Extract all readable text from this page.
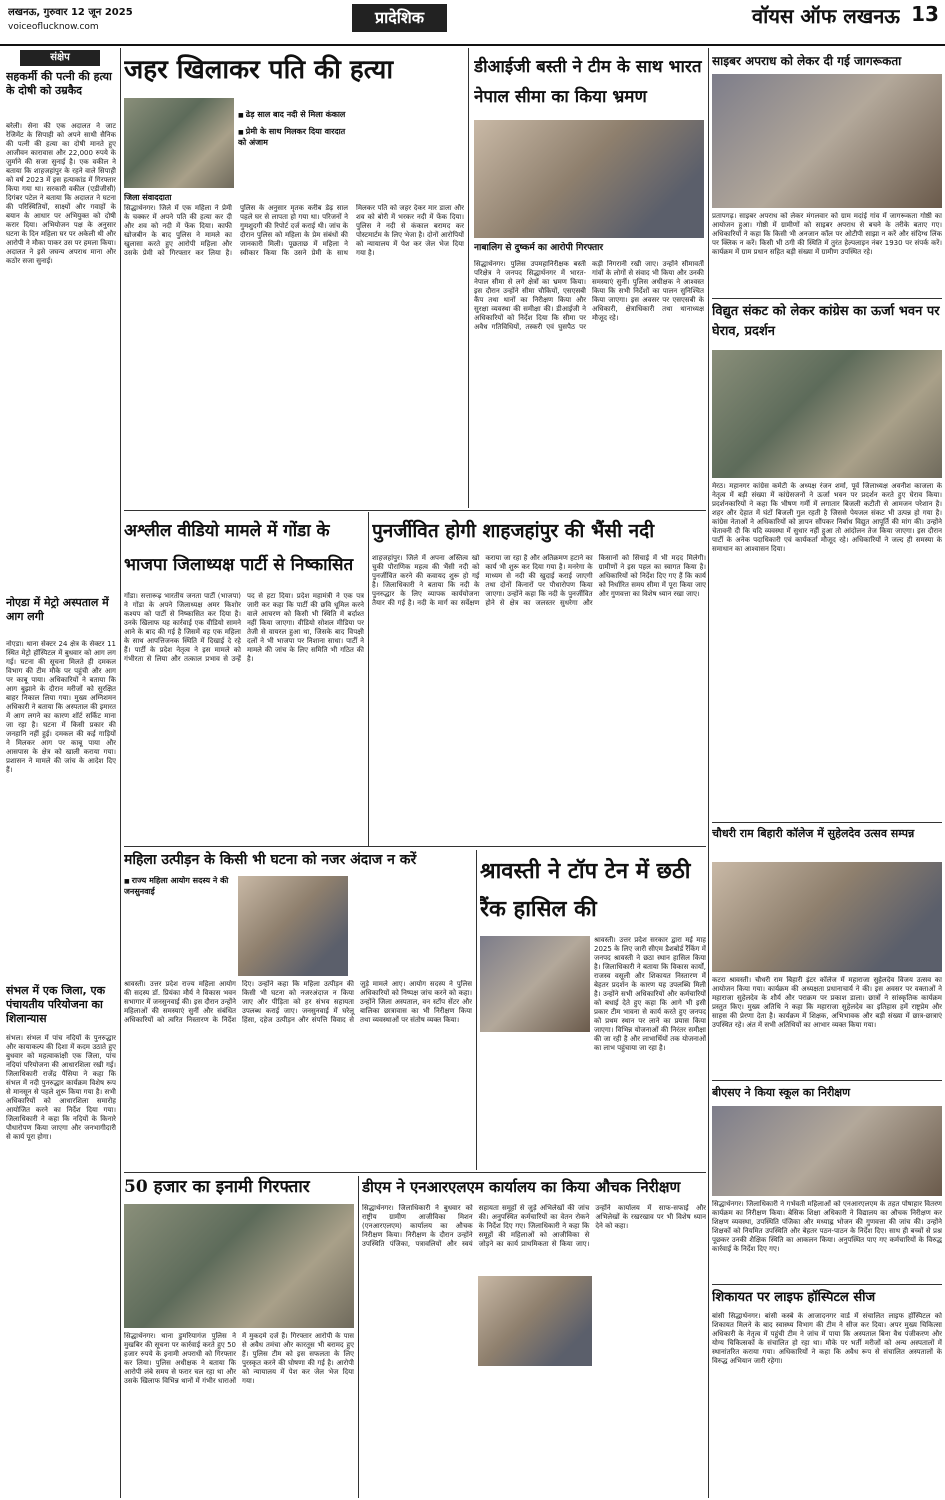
लखनऊ, गुरुवार 12 जून 2025
voiceoflucknow.com	प्रादेशिक	वॉयस ऑफ लखनऊ 13
संक्षेप
सहकर्मी की पत्नी की हत्या के दोषी को उम्रकैद
बरेली। सेना की एक अदालत ने जाट रेजिमेंट के सिपाही को अपने साथी सैनिक की पत्नी की हत्या का दोषी मानते हुए आजीवन कारावास और 22,000 रुपये के जुर्माने की सजा सुनाई है। एक वकील ने बताया कि शाहजहांपुर के रहने वाले सिपाही को वर्ष 2023 में इस हत्याकांड में गिरफ्तार किया गया था। सरकारी वकील (एडीजीसी) दिगंबर पटेल ने बताया कि अदालत ने घटना की परिस्थितियों, साक्ष्यों और गवाहों के बयान के आधार पर अभियुक्त को दोषी करार दिया। अभियोजन पक्ष के अनुसार घटना के दिन महिला घर पर अकेली थी और आरोपी ने मौका पाकर उस पर हमला किया। अदालत ने इसे जघन्य अपराध माना और कठोर सजा सुनाई।
नोएडा में मेट्रो अस्पताल में आग लगी
नोएडा। थाना सेक्टर 24 क्षेत्र के सेक्टर 11 स्थित मेट्रो हॉस्पिटल में बुधवार को आग लग गई। घटना की सूचना मिलते ही दमकल विभाग की टीम मौके पर पहुंची और आग पर काबू पाया। अधिकारियों ने बताया कि आग बुझाने के दौरान मरीजों को सुरक्षित बाहर निकाल लिया गया। मुख्य अग्निशमन अधिकारी ने बताया कि अस्पताल की इमारत में आग लगने का कारण शॉर्ट सर्किट माना जा रहा है। घटना में किसी प्रकार की जनहानि नहीं हुई। दमकल की कई गाड़ियों ने मिलकर आग पर काबू पाया और आसपास के क्षेत्र को खाली कराया गया। प्रशासन ने मामले की जांच के आदेश दिए हैं।
संभल में एक जिला, एक पंचायतीय परियोजना का शिलान्यास
संभल। संभल में पांच नदियों के पुनरुद्धार और कायाकल्प की दिशा में कदम उठाते हुए बुधवार को महत्वाकांक्षी एक जिला, पांच नदियां परियोजना की आधारशिला रखी गई। जिलाधिकारी राजेंद्र पैंसिया ने कहा कि संभल में नदी पुनरुद्धार कार्यक्रम विशेष रूप से मानसून से पहले शुरू किया गया है। सभी अधिकारियों को आधारशिला समारोह आयोजित करने का निर्देश दिया गया। जिलाधिकारी ने कहा कि नदियों के किनारे पौधारोपण किया जाएगा और जनभागीदारी से कार्य पूरा होगा।
जहर खिलाकर पति की हत्या
■ ढेड़ साल बाद नदी से मिला कंकाल
■ प्रेमी के साथ मिलकर दिया वारदात को अंजाम
जिला संवाददाता
सिद्धार्थनगर। जिले में एक महिला ने प्रेमी के चक्कर में अपने पति की हत्या कर दी और शव को नदी में फेंक दिया। काफी खोजबीन के बाद पुलिस ने मामले का खुलासा करते हुए आरोपी महिला और उसके प्रेमी को गिरफ्तार कर लिया है। पुलिस के अनुसार मृतक करीब डेढ़ साल पहले घर से लापता हो गया था। परिजनों ने गुमशुदगी की रिपोर्ट दर्ज कराई थी। जांच के दौरान पुलिस को महिला के प्रेम संबंधों की जानकारी मिली। पूछताछ में महिला ने स्वीकार किया कि उसने प्रेमी के साथ मिलकर पति को जहर देकर मार डाला और शव को बोरी में भरकर नदी में फेंक दिया। पुलिस ने नदी से कंकाल बरामद कर पोस्टमार्टम के लिए भेजा है। दोनों आरोपियों को न्यायालय में पेश कर जेल भेज दिया गया है।
डीआईजी बस्ती ने टीम के साथ भारत नेपाल सीमा का किया भ्रमण
नाबालिग से दुष्कर्म का आरोपी गिरफ्तार
सिद्धार्थनगर। पुलिस उपमहानिरीक्षक बस्ती परिक्षेत्र ने जनपद सिद्धार्थनगर में भारत-नेपाल सीमा से लगे क्षेत्रों का भ्रमण किया। इस दौरान उन्होंने सीमा चौकियों, एसएसबी कैंप तथा थानों का निरीक्षण किया और सुरक्षा व्यवस्था की समीक्षा की। डीआईजी ने अधिकारियों को निर्देश दिया कि सीमा पर अवैध गतिविधियों, तस्करी एवं घुसपैठ पर कड़ी निगरानी रखी जाए। उन्होंने सीमावर्ती गांवों के लोगों से संवाद भी किया और उनकी समस्याएं सुनीं। पुलिस अधीक्षक ने आश्वस्त किया कि सभी निर्देशों का पालन सुनिश्चित किया जाएगा। इस अवसर पर एसएसबी के अधिकारी, क्षेत्राधिकारी तथा थानाध्यक्ष मौजूद रहे।
साइबर अपराध को लेकर दी गई जागरूकता
प्रतापगढ़। साइबर अपराध को लेकर मंगलवार को ग्राम मदांई गांव में जागरूकता गोष्ठी का आयोजन हुआ। गोष्ठी में ग्रामीणों को साइबर अपराध से बचने के तरीके बताए गए। अधिकारियों ने कहा कि किसी भी अनजान कॉल पर ओटीपी साझा न करें और संदिग्ध लिंक पर क्लिक न करें। किसी भी ठगी की स्थिति में तुरंत हेल्पलाइन नंबर 1930 पर संपर्क करें। कार्यक्रम में ग्राम प्रधान सहित बड़ी संख्या में ग्रामीण उपस्थित रहे।
विद्युत संकट को लेकर कांग्रेस का ऊर्जा भवन पर घेराव, प्रदर्शन
मेरठ। महानगर कांग्रेस कमेटी के अध्यक्ष रंजन शर्मा, पूर्व जिलाध्यक्ष अवनीश काजला के नेतृत्व में बड़ी संख्या में कांग्रेसजनों ने ऊर्जा भवन पर प्रदर्शन करते हुए घेराव किया। प्रदर्शनकारियों ने कहा कि भीषण गर्मी में लगातार बिजली कटौती से आमजन परेशान है। शहर और देहात में घंटों बिजली गुल रहती है जिससे पेयजल संकट भी उत्पन्न हो गया है। कांग्रेस नेताओं ने अधिकारियों को ज्ञापन सौंपकर निर्बाध विद्युत आपूर्ति की मांग की। उन्होंने चेतावनी दी कि यदि व्यवस्था में सुधार नहीं हुआ तो आंदोलन तेज किया जाएगा। इस दौरान पार्टी के अनेक पदाधिकारी एवं कार्यकर्ता मौजूद रहे। अधिकारियों ने जल्द ही समस्या के समाधान का आश्वासन दिया।
चौधरी राम बिहारी कॉलेज में सुहेलदेव उत्सव सम्पन्न
कटरा श्रावस्ती। चौधरी राम बिहारी इंटर कॉलेज में महाराजा सुहेलदेव विजय उत्सव का आयोजन किया गया। कार्यक्रम की अध्यक्षता प्रधानाचार्य ने की। इस अवसर पर वक्ताओं ने महाराजा सुहेलदेव के शौर्य और पराक्रम पर प्रकाश डाला। छात्रों ने सांस्कृतिक कार्यक्रम प्रस्तुत किए। मुख्य अतिथि ने कहा कि महाराजा सुहेलदेव का इतिहास हमें राष्ट्रप्रेम और साहस की प्रेरणा देता है। कार्यक्रम में शिक्षक, अभिभावक और बड़ी संख्या में छात्र-छात्राएं उपस्थित रहे। अंत में सभी अतिथियों का आभार व्यक्त किया गया।
बीएसए ने किया स्कूल का निरीक्षण
सिद्धार्थनगर। जिलाधिकारी ने गर्भवती महिलाओं को एनआरएलएम के तहत पोषाहार वितरण कार्यक्रम का निरीक्षण किया। बेसिक शिक्षा अधिकारी ने विद्यालय का औचक निरीक्षण कर शिक्षण व्यवस्था, उपस्थिति पंजिका और मध्याह्न भोजन की गुणवत्ता की जांच की। उन्होंने शिक्षकों को नियमित उपस्थिति और बेहतर पठन-पाठन के निर्देश दिए। साथ ही बच्चों से प्रश्न पूछकर उनकी शैक्षिक स्थिति का आकलन किया। अनुपस्थित पाए गए कर्मचारियों के विरुद्ध कार्रवाई के निर्देश दिए गए।
शिकायत पर लाइफ हॉस्पिटल सीज
बांसी सिद्धार्थनगर। बांसी कस्बे के आजादनगर वार्ड में संचालित लाइफ हॉस्पिटल को शिकायत मिलने के बाद स्वास्थ्य विभाग की टीम ने सीज कर दिया। अपर मुख्य चिकित्सा अधिकारी के नेतृत्व में पहुंची टीम ने जांच में पाया कि अस्पताल बिना वैध पंजीकरण और योग्य चिकित्सकों के संचालित हो रहा था। मौके पर भर्ती मरीजों को अन्य अस्पतालों में स्थानांतरित कराया गया। अधिकारियों ने कहा कि अवैध रूप से संचालित अस्पतालों के विरुद्ध अभियान जारी रहेगा।
अश्लील वीडियो मामले में गोंडा के भाजपा जिलाध्यक्ष पार्टी से निष्कासित
गोंडा। सत्तारूढ़ भारतीय जनता पार्टी (भाजपा) ने गोंडा के अपने जिलाध्यक्ष अमर किशोर कश्यप को पार्टी से निष्कासित कर दिया है। उनके खिलाफ यह कार्रवाई एक वीडियो सामने आने के बाद की गई है जिसमें वह एक महिला के साथ आपत्तिजनक स्थिति में दिखाई दे रहे हैं। पार्टी के प्रदेश नेतृत्व ने इस मामले को गंभीरता से लिया और तत्काल प्रभाव से उन्हें पद से हटा दिया। प्रदेश महामंत्री ने एक पत्र जारी कर कहा कि पार्टी की छवि धूमिल करने वाले आचरण को किसी भी स्थिति में बर्दाश्त नहीं किया जाएगा। वीडियो सोशल मीडिया पर तेजी से वायरल हुआ था, जिसके बाद विपक्षी दलों ने भी भाजपा पर निशाना साधा। पार्टी ने मामले की जांच के लिए समिति भी गठित की है।
पुनर्जीवित होगी शाहजहांपुर की भैंसी नदी
शाहजहांपुर। जिले में अपना अस्तित्व खो चुकी पौराणिक महत्व की भैंसी नदी को पुनर्जीवित करने की कवायद शुरू हो गई है। जिलाधिकारी ने बताया कि नदी के पुनरुद्धार के लिए व्यापक कार्ययोजना तैयार की गई है। नदी के मार्ग का सर्वेक्षण कराया जा रहा है और अतिक्रमण हटाने का कार्य भी शुरू कर दिया गया है। मनरेगा के माध्यम से नदी की खुदाई कराई जाएगी तथा दोनों किनारों पर पौधारोपण किया जाएगा। उन्होंने कहा कि नदी के पुनर्जीवित होने से क्षेत्र का जलस्तर सुधरेगा और किसानों को सिंचाई में भी मदद मिलेगी। ग्रामीणों ने इस पहल का स्वागत किया है। अधिकारियों को निर्देश दिए गए हैं कि कार्य को निर्धारित समय सीमा में पूरा किया जाए और गुणवत्ता का विशेष ध्यान रखा जाए।
महिला उत्पीड़न के किसी भी घटना को नजर अंदाज न करें
■ राज्य महिला आयोग सदस्य ने की जनसुनवाई
श्रावस्ती। उत्तर प्रदेश राज्य महिला आयोग की सदस्य डॉ. प्रियंका मौर्य ने विकास भवन सभागार में जनसुनवाई की। इस दौरान उन्होंने महिलाओं की समस्याएं सुनीं और संबंधित अधिकारियों को त्वरित निस्तारण के निर्देश दिए। उन्होंने कहा कि महिला उत्पीड़न की किसी भी घटना को नजरअंदाज न किया जाए और पीड़िता को हर संभव सहायता उपलब्ध कराई जाए। जनसुनवाई में घरेलू हिंसा, दहेज उत्पीड़न और संपत्ति विवाद से जुड़े मामले आए। आयोग सदस्य ने पुलिस अधिकारियों को निष्पक्ष जांच करने को कहा। उन्होंने जिला अस्पताल, वन स्टॉप सेंटर और बालिका छात्रावास का भी निरीक्षण किया तथा व्यवस्थाओं पर संतोष व्यक्त किया।
श्रावस्ती ने टॉप टेन में छठी रैंक हासिल की
श्रावस्ती। उत्तर प्रदेश सरकार द्वारा मई माह 2025 के लिए जारी सीएम डैशबोर्ड रैंकिंग में जनपद श्रावस्ती ने छठा स्थान हासिल किया है। जिलाधिकारी ने बताया कि विकास कार्यों, राजस्व वसूली और शिकायत निस्तारण में बेहतर प्रदर्शन के कारण यह उपलब्धि मिली है। उन्होंने सभी अधिकारियों और कर्मचारियों को बधाई देते हुए कहा कि आगे भी इसी प्रकार टीम भावना से कार्य करते हुए जनपद को प्रथम स्थान पर लाने का प्रयास किया जाएगा। विभिन्न योजनाओं की निरंतर समीक्षा की जा रही है और लाभार्थियों तक योजनाओं का लाभ पहुंचाया जा रहा है।
50 हजार का इनामी गिरफ्तार
सिद्धार्थनगर। थाना डुमरियागंज पुलिस ने मुखबिर की सूचना पर कार्रवाई करते हुए 50 हजार रुपये के इनामी अपराधी को गिरफ्तार कर लिया। पुलिस अधीक्षक ने बताया कि आरोपी लंबे समय से फरार चल रहा था और उसके खिलाफ विभिन्न थानों में गंभीर धाराओं में मुकदमे दर्ज हैं। गिरफ्तार आरोपी के पास से अवैध तमंचा और कारतूस भी बरामद हुए हैं। पुलिस टीम को इस सफलता के लिए पुरस्कृत करने की घोषणा की गई है। आरोपी को न्यायालय में पेश कर जेल भेज दिया गया।
डीएम ने एनआरएलएम कार्यालय का किया औचक निरीक्षण
सिद्धार्थनगर। जिलाधिकारी ने बुधवार को राष्ट्रीय ग्रामीण आजीविका मिशन (एनआरएलएम) कार्यालय का औचक निरीक्षण किया। निरीक्षण के दौरान उन्होंने उपस्थिति पंजिका, पत्रावलियों और स्वयं सहायता समूहों से जुड़े अभिलेखों की जांच की। अनुपस्थित कर्मचारियों का वेतन रोकने के निर्देश दिए गए। जिलाधिकारी ने कहा कि समूहों की महिलाओं को आजीविका से जोड़ने का कार्य प्राथमिकता से किया जाए। उन्होंने कार्यालय में साफ-सफाई और अभिलेखों के रखरखाव पर भी विशेष ध्यान देने को कहा।
